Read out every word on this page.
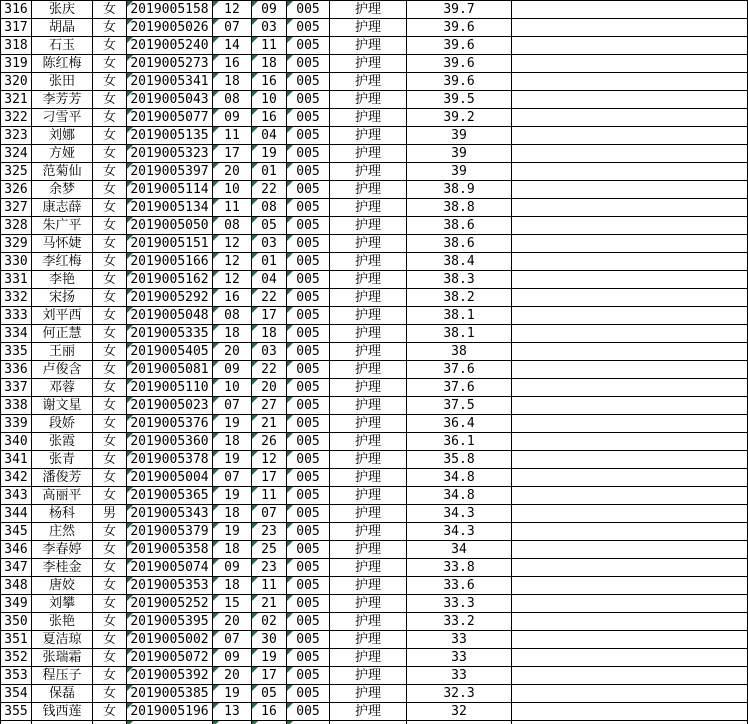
316 张庆 女 2019005158 12 09 005	护理	39.7
317 胡晶 女 2019005026 07 03 005	护理	39.6
318 石玉 女 2019005240 14 11 005	护理	39.6
319 陈红梅 女 2019005273 16 18 005	护理	39.6
320 张田 女 2019005341 18 16 005	护理	39.6
321 李芳芳 女 2019005043 08 10 005	护理	39.5
322 刁雪平 女 2019005077 09 16 005	护理	39.2
323 刘娜 女 2019005135 11 04 005	护理	39
324 方娅 女 2019005323 17 19 005	护理	39
325 范菊仙 女 2019005397 20 01 005	护理	39
326 余梦 女 2019005114 10 22 005	护理	38.9
327 康志薛 女 2019005134 11 08 005	护理	38.8
328 朱广平 女 2019005050 08 05 005	护理	38.6
329 马怀婕 女 2019005151 12 03 005	护理	38.6
330 李红梅 女 2019005166 12 01 005	护理	38.4
331 李艳 女 2019005162 12 04 005	护理	38.3
332 宋扬 女 2019005292 16 22 005	护理	38.2
333 刘平西 女 2019005048 08 17 005	护理	38.1
334 何正慧 女 2019005335 18 18 005	护理	38.1
335 王丽 女 2019005405 20 03 005	护理	38
336 卢俊含 女 2019005081 09 22 005	护理	37.6
337 邓蓉 女 2019005110 10 20 005	护理	37.6
338 谢文星 女 2019005023 07 27 005	护理	37.5
339 段娇 女 2019005376 19 21 005	护理	36.4
340 张霞 女 2019005360 18 26 005	护理	36.1
341 张青 女 2019005378 19 12 005	护理	35.8
342 潘俊芳 女 2019005004 07 17 005	护理	34.8
343 高丽平 女 2019005365 19 11 005	护理	34.8
344 杨科 男 2019005343 18 07 005	护理	34.3
345 庄然 女 2019005379 19 23 005	护理	34.3
346 李春婷 女 2019005358 18 25 005	护理	34
347 李桂金 女 2019005074 09 23 005	护理	33.8
348 唐姣 女 2019005353 18 11 005	护理	33.6
349 刘攀 女 2019005252 15 21 005	护理	33.3
350 张艳 女 2019005395 20 02 005	护理	33.2
351 夏洁琼 女 2019005002 07 30 005	护理	33
352 张瑞霜 女 2019005072 09 19 005	护理	33
353 程压子 女 2019005392 20 17 005	护理	33
354 保磊 女 2019005385 19 05 005	护理	32.3
355 钱西莲 女 2019005196 13 16 005	护理	32
